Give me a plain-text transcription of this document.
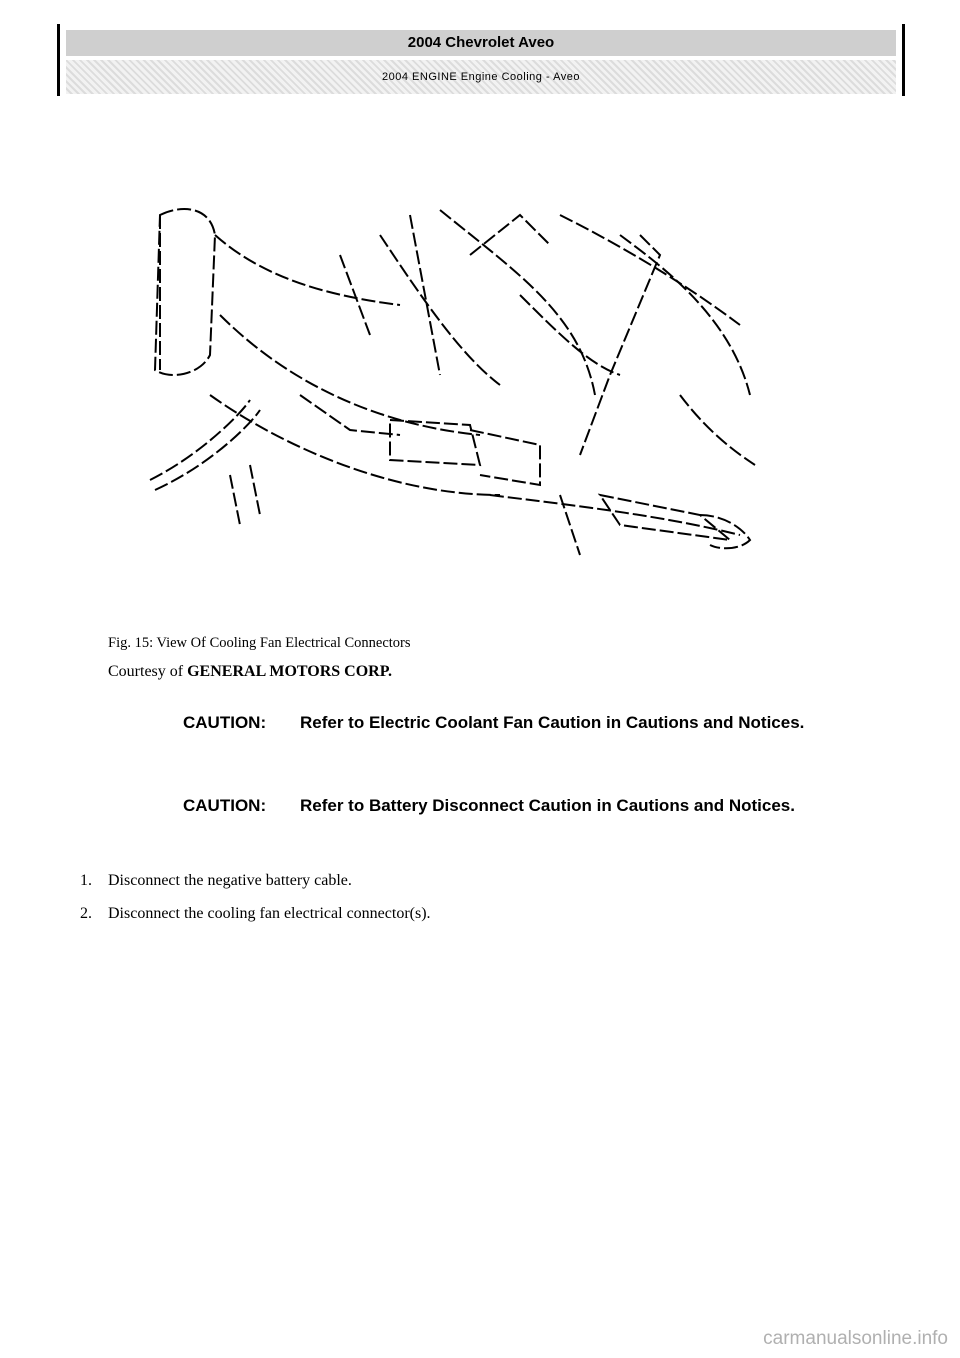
2004 Chevrolet Aveo
2004 ENGINE Engine Cooling - Aveo
Fig. 15: View Of Cooling Fan Electrical Connectors
Courtesy of GENERAL MOTORS CORP.
CAUTION: Refer to Electric Coolant Fan Caution in Cautions and Notices.
CAUTION: Refer to Battery Disconnect Caution in Cautions and Notices.
1. Disconnect the negative battery cable.
2. Disconnect the cooling fan electrical connector(s).
carmanualsonline.info
